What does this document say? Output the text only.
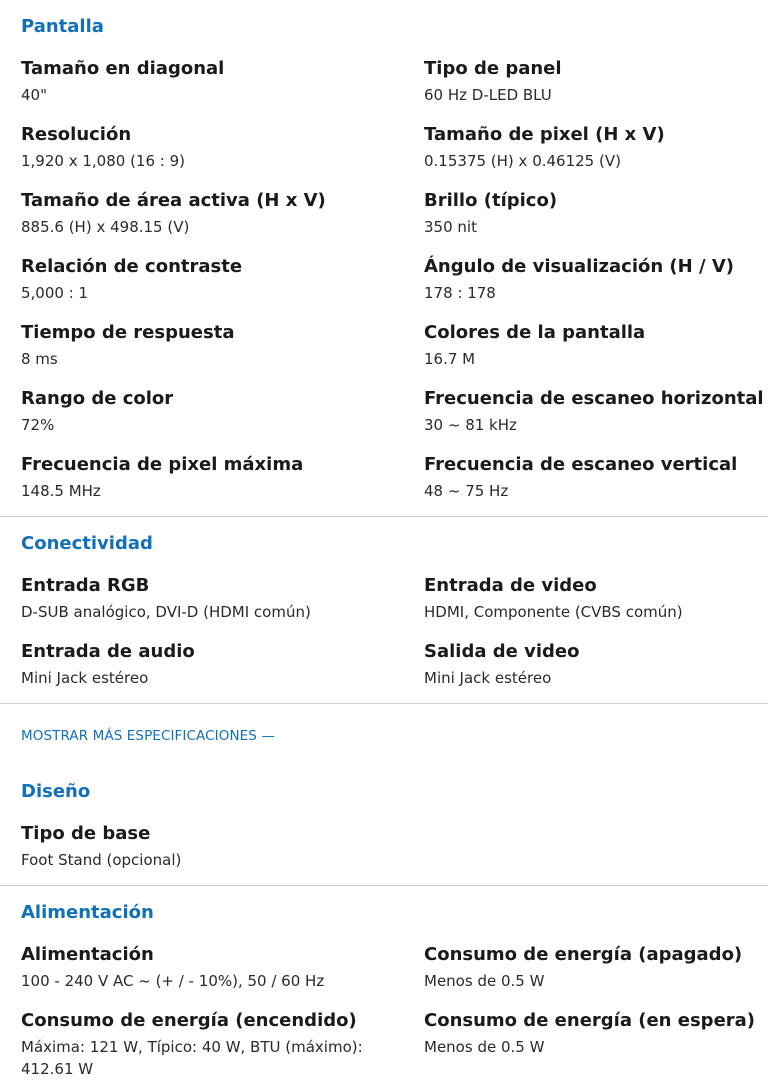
Pantalla
Tamaño en diagonal
40"
Tipo de panel
60 Hz D-LED BLU
Resolución
1,920 x 1,080 (16 : 9)
Tamaño de pixel (H x V)
0.15375 (H) x 0.46125 (V)
Tamaño de área activa (H x V)
885.6 (H) x 498.15 (V)
Brillo (típico)
350 nit
Relación de contraste
5,000 : 1
Ángulo de visualización (H / V)
178 : 178
Tiempo de respuesta
8 ms
Colores de la pantalla
16.7 M
Rango de color
72%
Frecuencia de escaneo horizontal
30 ~ 81 kHz
Frecuencia de pixel máxima
148.5 MHz
Frecuencia de escaneo vertical
48 ~ 75 Hz
Conectividad
Entrada RGB
D-SUB analógico, DVI-D (HDMI común)
Entrada de video
HDMI, Componente (CVBS común)
Entrada de audio
Mini Jack estéreo
Salida de video
Mini Jack estéreo
MOSTRAR MÁS ESPECIFICACIONES —
Diseño
Tipo de base
Foot Stand (opcional)
Alimentación
Alimentación
100 - 240 V AC ~ (+ / - 10%), 50 / 60 Hz
Consumo de energía (apagado)
Menos de 0.5 W
Consumo de energía (encendido)
Máxima: 121 W, Típico: 40 W, BTU (máximo): 412.61 W
Consumo de energía (en espera)
Menos de 0.5 W
